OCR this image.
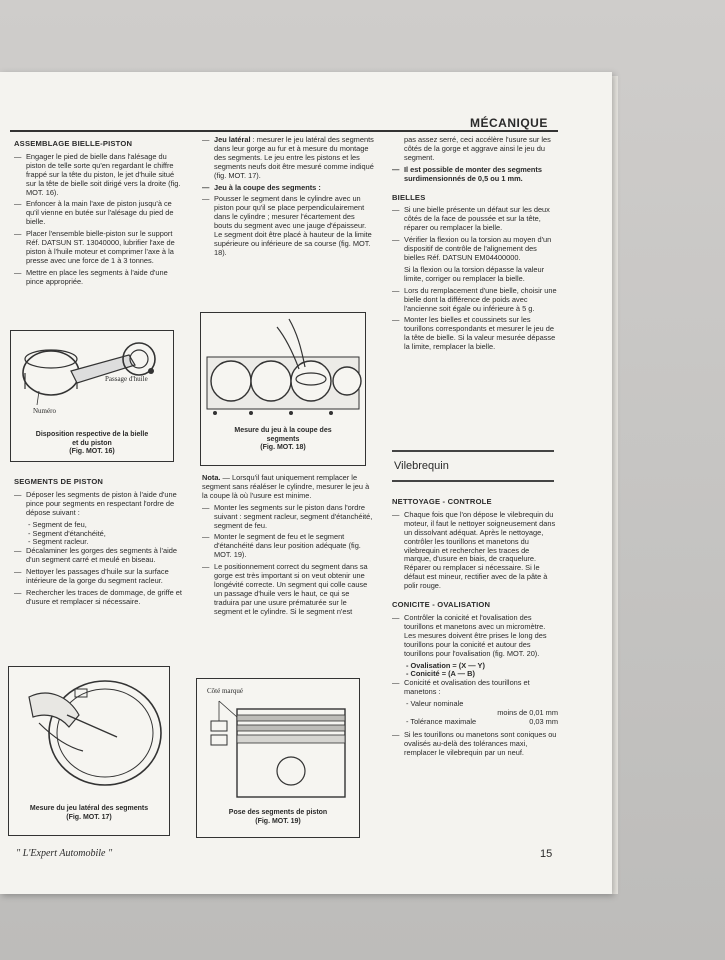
MÉCANIQUE
ASSEMBLAGE BIELLE-PISTON
— Engager le pied de bielle dans l'alésage du piston de telle sorte qu'en regardant le chiffre frappé sur la tête du piston, le jet d'huile situé sur la tête de bielle soit dirigé vers la droite (fig. MOT. 16).
— Enfoncer à la main l'axe de piston jusqu'à ce qu'il vienne en butée sur l'alésage du pied de bielle.
— Placer l'ensemble bielle-piston sur le support Réf. DATSUN ST. 13040000, lubrifier l'axe de piston à l'huile moteur et comprimer l'axe à la presse avec une force de 1 à 3 tonnes.
— Mettre en place les segments à l'aide d'une pince appropriée.
Passage d'huile
Numéro
Disposition respective de la bielle
et du piston
(Fig. MOT. 16)
SEGMENTS DE PISTON
— Déposer les segments de piston à l'aide d'une pince pour segments en respectant l'ordre de dépose suivant :
- Segment de feu,
- Segment d'étanchéité,
- Segment racleur.
— Décalaminer les gorges des segments à l'aide d'un segment carré et meulé en biseau.
— Nettoyer les passages d'huile sur la surface intérieure de la gorge du segment racleur.
— Rechercher les traces de dommage, de griffe et d'usure et remplacer si nécessaire.
Mesure du jeu latéral des segments
(Fig. MOT. 17)
— Jeu latéral : mesurer le jeu latéral des segments dans leur gorge au fur et à mesure du montage des segments. Le jeu entre les pistons et les segments neufs doit être mesuré comme indiqué (fig. MOT. 17).
— Jeu à la coupe des segments :
— Pousser le segment dans le cylindre avec un piston pour qu'il se place perpendiculairement dans le cylindre ; mesurer l'écartement des bouts du segment avec une jauge d'épaisseur. Le segment doit être placé à hauteur de la limite supérieure ou inférieure de sa course (fig. MOT. 18).
Mesure du jeu à la coupe des
segments
(Fig. MOT. 18)
Nota. — Lorsqu'il faut uniquement remplacer le segment sans réaléser le cylindre, mesurer le jeu à la coupe là où l'usure est minime.
— Monter les segments sur le piston dans l'ordre suivant : segment racleur, segment d'étanchéité, segment de feu.
— Monter le segment de feu et le segment d'étanchéité dans leur position adéquate (fig. MOT. 19).
— Le positionnement correct du segment dans sa gorge est très important si on veut obtenir une longévité correcte. Un segment qui colle cause un passage d'huile vers le haut, ce qui se traduira par une usure prématurée sur le segment et le cylindre. Si le segment n'est
Côté marqué
Pose des segments de piston
(Fig. MOT. 19)
pas assez serré, ceci accélère l'usure sur les côtés de la gorge et aggrave ainsi le jeu du segment.
— Il est possible de monter des segments surdimensionnés de 0,5 ou 1 mm.
BIELLES
— Si une bielle présente un défaut sur les deux côtés de la face de poussée et sur la tête, réparer ou remplacer la bielle.
— Vérifier la flexion ou la torsion au moyen d'un dispositif de contrôle de l'alignement des bielles Réf. DATSUN EM04400000.
Si la flexion ou la torsion dépasse la valeur limite, corriger ou remplacer la bielle.
— Lors du remplacement d'une bielle, choisir une bielle dont la différence de poids avec l'ancienne soit égale ou inférieure à 5 g.
— Monter les bielles et coussinets sur les tourillons correspondants et mesurer le jeu de la tête de bielle. Si la valeur mesurée dépasse la limite, remplacer la bielle.
Vilebrequin
NETTOYAGE - CONTROLE
— Chaque fois que l'on dépose le vilebrequin du moteur, il faut le nettoyer soigneusement dans un dissolvant adéquat. Après le nettoyage, contrôler les tourillons et manetons du vilebrequin et rechercher les traces de marque, d'usure en biais, de craquelure. Réparer ou remplacer si nécessaire. Si le défaut est mineur, rectifier avec de la pâte à polir rouge.
CONICITE - OVALISATION
— Contrôler la conicité et l'ovalisation des tourillons et manetons avec un micromètre. Les mesures doivent être prises le long des tourillons pour la conicité et autour des tourillons pour l'ovalisation (fig. MOT. 20).
- Ovalisation = (X — Y)
- Conicité = (A — B)
— Conicité et ovalisation des tourillons et manetons :
- Valeur nominale
moins de 0,01 mm
- Tolérance maximale	0,03 mm
— Si les tourillons ou manetons sont coniques ou ovalisés au-delà des tolérances maxi, remplacer le vilebrequin par un neuf.
" L'Expert Automobile "	15
